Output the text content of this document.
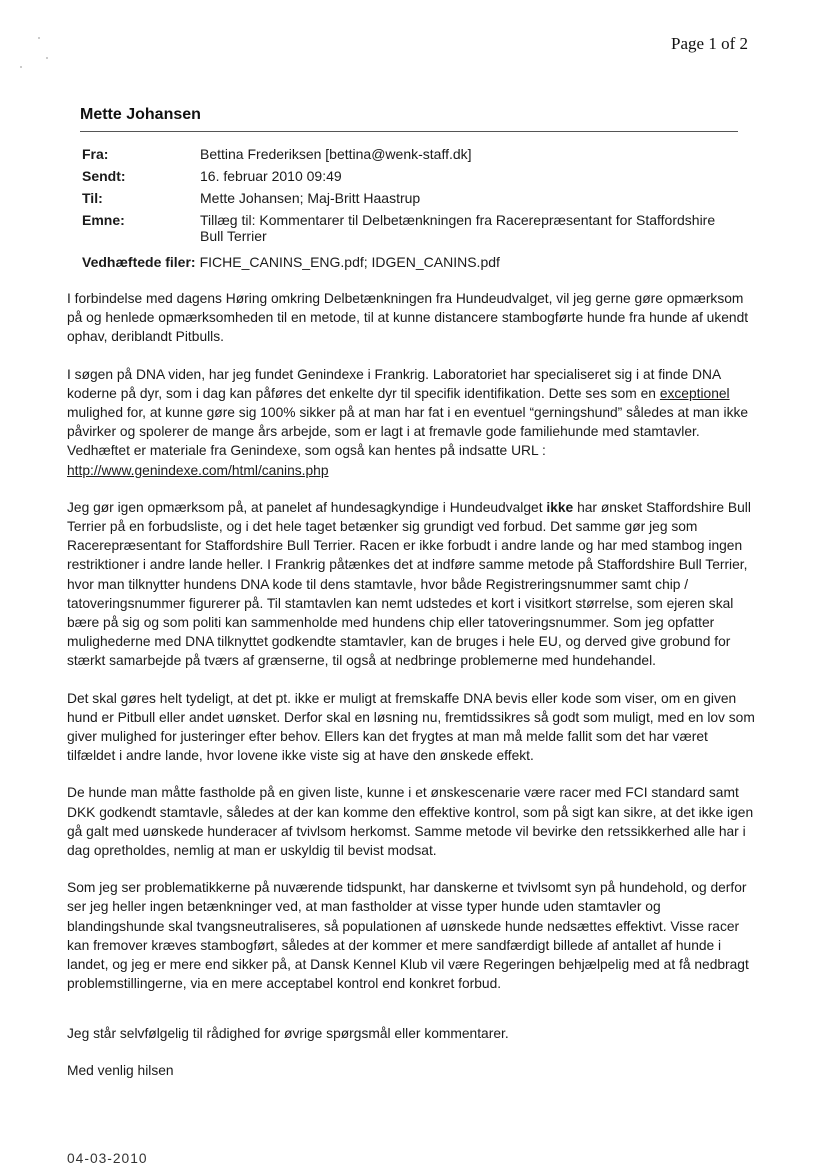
Page 1 of 2
Mette Johansen
Fra:	Bettina Frederiksen [bettina@wenk-staff.dk]
Sendt:	16. februar 2010 09:49
Til:	Mette Johansen; Maj-Britt Haastrup
Emne:	Tillæg til: Kommentarer til Delbetænkningen fra Racerepræsentant for Staffordshire Bull Terrier
Vedhæftede filer: FICHE_CANINS_ENG.pdf; IDGEN_CANINS.pdf

I forbindelse med dagens Høring omkring Delbetænkningen fra Hundeudvalget, vil jeg gerne gøre opmærksom på og henlede opmærksomheden til en metode, til at kunne distancere stambogførte hunde fra hunde af ukendt ophav, deriblandt Pitbulls.

I søgen på DNA viden, har jeg fundet Genindexe i Frankrig. Laboratoriet har specialiseret sig i at finde DNA koderne på dyr, som i dag kan påføres det enkelte dyr til specifik identifikation. Dette ses som en exceptionel mulighed for, at kunne gøre sig 100% sikker på at man har fat i en eventuel “gerningshund” således at man ikke påvirker og spolerer de mange års arbejde, som er lagt i at fremavle gode familiehunde med stamtavler. Vedhæftet er materiale fra Genindexe, som også kan hentes på indsatte URL :
http://www.genindexe.com/html/canins.php

Jeg gør igen opmærksom på, at panelet af hundesagkyndige i Hundeudvalget ikke har ønsket Staffordshire Bull Terrier på en forbudsliste, og i det hele taget betænker sig grundigt ved forbud. Det samme gør jeg som Racerepræsentant for Staffordshire Bull Terrier. Racen er ikke forbudt i andre lande og har med stambog ingen restriktioner i andre lande heller. I Frankrig påtænkes det at indføre samme metode på Staffordshire Bull Terrier, hvor man tilknytter hundens DNA kode til dens stamtavle, hvor både Registreringsnummer samt chip / tatoveringsnummer figurerer på. Til stamtavlen kan nemt udstedes et kort i visitkort størrelse, som ejeren skal bære på sig og som politi kan sammenholde med hundens chip eller tatoveringsnummer. Som jeg opfatter mulighederne med DNA tilknyttet godkendte stamtavler, kan de bruges i hele EU, og derved give grobund for stærkt samarbejde på tværs af grænserne, til også at nedbringe problemerne med hundehandel.

Det skal gøres helt tydeligt, at det pt. ikke er muligt at fremskaffe DNA bevis eller kode som viser, om en given hund er Pitbull eller andet uønsket. Derfor skal en løsning nu, fremtidssikres så godt som muligt, med en lov som giver mulighed for justeringer efter behov. Ellers kan det frygtes at man må melde fallit som det har været tilfældet i andre lande, hvor lovene ikke viste sig at have den ønskede effekt.

De hunde man måtte fastholde på en given liste, kunne i et ønskescenarie være racer med FCI standard samt DKK godkendt stamtavle, således at der kan komme den effektive kontrol, som på sigt kan sikre, at det ikke igen gå galt med uønskede hunderacer af tvivlsom herkomst. Samme metode vil bevirke den retssikkerhed alle har i dag opretholdes, nemlig at man er uskyldig til bevist modsat.

Som jeg ser problematikkerne på nuværende tidspunkt, har danskerne et tvivlsomt syn på hundehold, og derfor ser jeg heller ingen betænkninger ved, at man fastholder at visse typer hunde uden stamtavler og blandingshunde skal tvangsneutraliseres, så populationen af uønskede hunde nedsættes effektivt. Visse racer kan fremover kræves stambogført, således at der kommer et mere sandfærdigt billede af antallet af hunde i landet, og jeg er mere end sikker på, at Dansk Kennel Klub vil være Regeringen behjælpelig med at få nedbragt problemstillingerne, via en mere acceptabel kontrol end konkret forbud.

Jeg står selvfølgelig til rådighed for øvrige spørgsmål eller kommentarer.

Med venlig hilsen

04-03-2010
